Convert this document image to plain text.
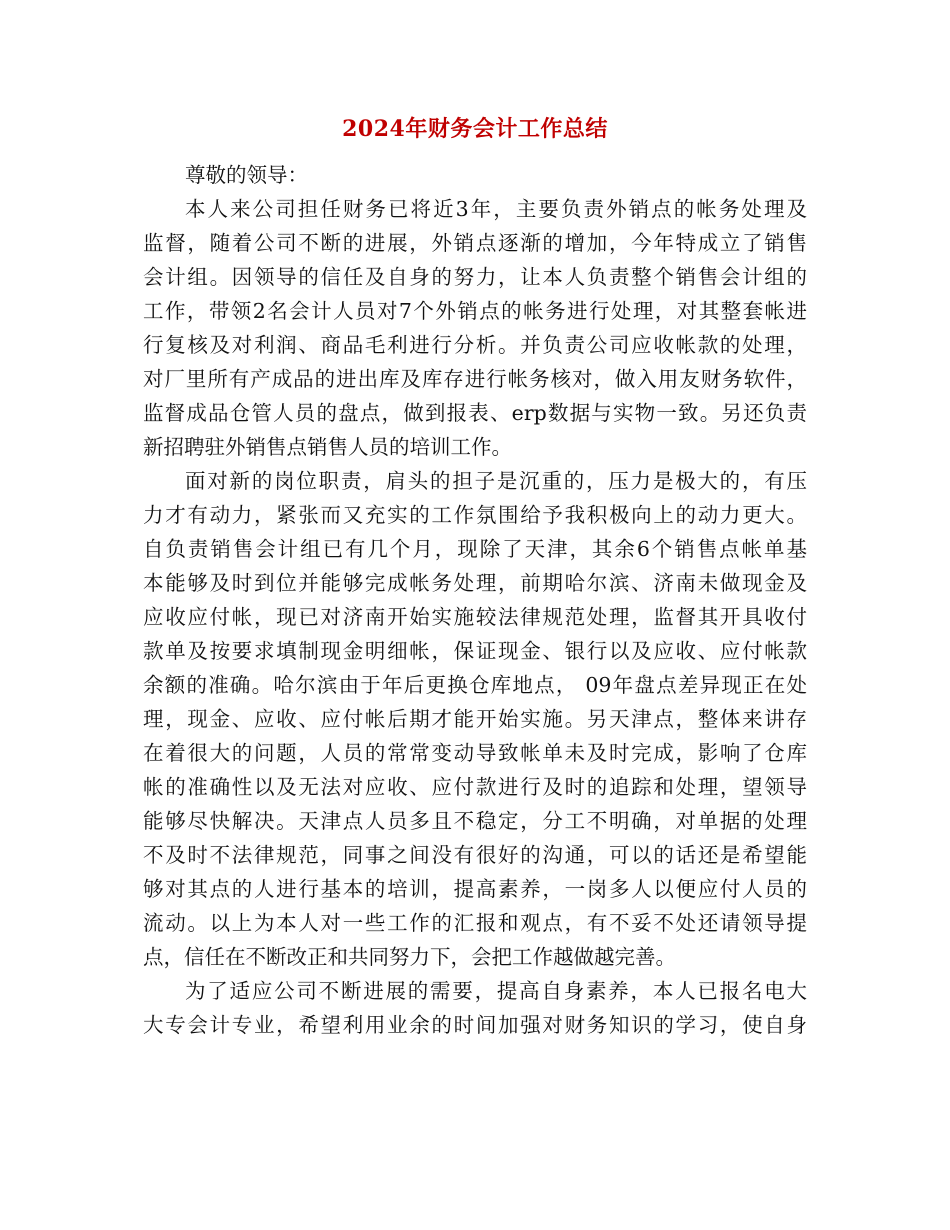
2024年财务会计工作总结
尊敬的领导：
本人来公司担任财务已将近3年，主要负责外销点的帐务处理及
监督，随着公司不断的进展，外销点逐渐的增加，今年特成立了销售
会计组。因领导的信任及自身的努力，让本人负责整个销售会计组的
工作，带领2名会计人员对7个外销点的帐务进行处理，对其整套帐进
行复核及对利润、商品毛利进行分析。并负责公司应收帐款的处理，
对厂里所有产成品的进出库及库存进行帐务核对，做入用友财务软件，
监督成品仓管人员的盘点，做到报表、erp数据与实物一致。另还负责
新招聘驻外销售点销售人员的培训工作。
面对新的岗位职责，肩头的担子是沉重的，压力是极大的，有压
力才有动力，紧张而又充实的工作氛围给予我积极向上的动力更大。
自负责销售会计组已有几个月，现除了天津，其余6个销售点帐单基
本能够及时到位并能够完成帐务处理，前期哈尔滨、济南未做现金及
应收应付帐，现已对济南开始实施较法律规范处理，监督其开具收付
款单及按要求填制现金明细帐，保证现金、银行以及应收、应付帐款
余额的准确。哈尔滨由于年后更换仓库地点， 09年盘点差异现正在处
理，现金、应收、应付帐后期才能开始实施。另天津点，整体来讲存
在着很大的问题，人员的常常变动导致帐单未及时完成，影响了仓库
帐的准确性以及无法对应收、应付款进行及时的追踪和处理，望领导
能够尽快解决。天津点人员多且不稳定，分工不明确，对单据的处理
不及时不法律规范，同事之间没有很好的沟通，可以的话还是希望能
够对其点的人进行基本的培训，提高素养，一岗多人以便应付人员的
流动。以上为本人对一些工作的汇报和观点，有不妥不处还请领导提
点，信任在不断改正和共同努力下，会把工作越做越完善。
为了适应公司不断进展的需要，提高自身素养，本人已报名电大
大专会计专业，希望利用业余的时间加强对财务知识的学习，使自身
